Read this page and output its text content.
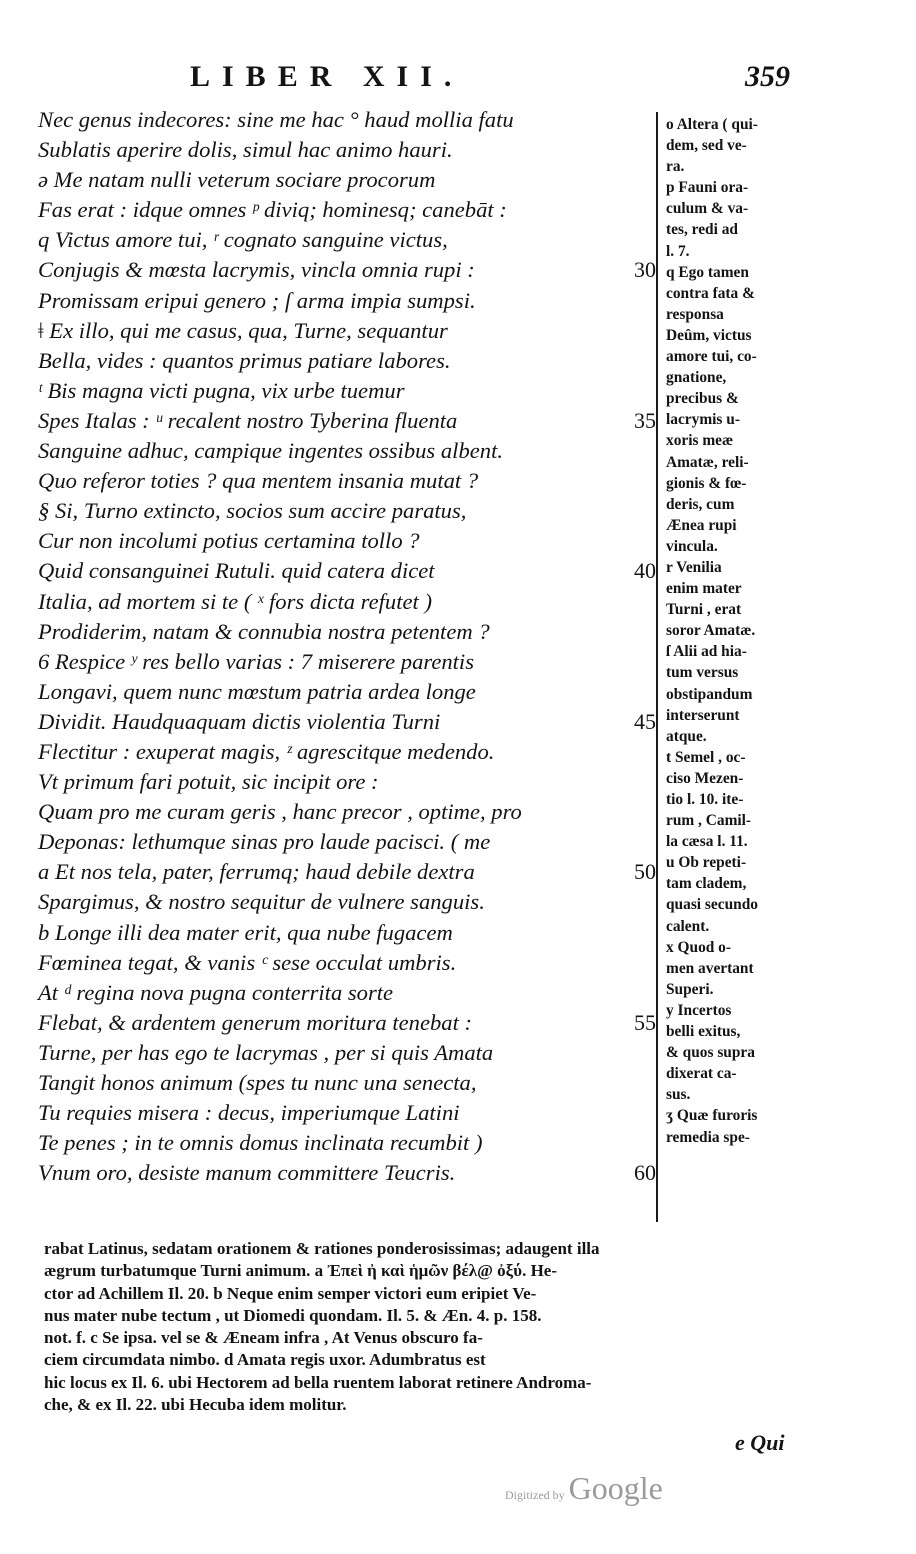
LIBER XII.	359
Nec genus indecores: sine me hac ° haud mollia fatu
Sublatis aperire dolis, simul hac animo hauri.
ǝ Me natam nulli veterum sociare procorum
Fas erat : idque omnes ᵖ diviq; hominesq; canebāt :
q Victus amore tui, ʳ cognato sanguine victus,
Conjugis & mœsta lacrymis, vincla omnia rupi :	30
Promissam eripui genero ; ſ arma impia sumpsi.
ǂ Ex illo, qui me casus, qua, Turne, sequantur
Bella, vides : quantos primus patiare labores.
ᵗ Bis magna victi pugna, vix urbe tuemur
Spes Italas : ᵘ recalent nostro Tyberina fluenta	35
Sanguine adhuc, campique ingentes ossibus albent.
Quo referor toties ? qua mentem insania mutat ?
§ Si, Turno extincto, socios sum accire paratus,
Cur non incolumi potius certamina tollo ?
Quid consanguinei Rutuli. quid catera dicet	40
Italia, ad mortem si te ( ˣ fors dicta refutet )
Prodiderim, natam & connubia nostra petentem ?
6 Respice ʸ res bello varias : 7 miserere parentis
Longavi, quem nunc mœstum patria ardea longe
Dividit. Haudquaquam dictis violentia Turni	45
Flectitur : exuperat magis, ᶻ agrescitque medendo.
Vt primum fari potuit, sic incipit ore :
Quam pro me curam geris , hanc precor , optime, pro
Deponas: lethumque sinas pro laude pacisci. ( me
a Et nos tela, pater, ferrumq; haud debile dextra	50
Spargimus, & nostro sequitur de vulnere sanguis.
b Longe illi dea mater erit, qua nube fugacem
Fœminea tegat, & vanis ᶜ sese occulat umbris.
At ᵈ regina nova pugna conterrita sorte
Flebat, & ardentem generum moritura tenebat :	55
Turne, per has ego te lacrymas , per si quis Amata
Tangit honos animum (spes tu nunc una senecta,
Tu requies misera : decus, imperiumque Latini
Te penes ; in te omnis domus inclinata recumbit )
Vnum oro, desiste manum committere Teucris.	60
o Altera ( qui-
dem, sed ve-
ra.
p Fauni ora-
culum & va-
tes, redi ad
l. 7.
q Ego tamen
contra fata &
responsa
Deûm, victus
amore tui, co-
gnatione,
precibus &
lacrymis u-
xoris meæ
Amatæ, reli-
gionis & fœ-
deris, cum
Ænea rupi
vincula.
r Venilia
enim mater
Turni , erat
soror Amatæ.
ſ Alii ad hia-
tum versus
obstipandum
interserunt
atque.
t Semel , oc-
ciso Mezen-
tio l. 10. ite-
rum , Camil-
la cæsa l. 11.
u Ob repeti-
tam cladem,
quasi secundo
calent.
x Quod o-
men avertant
Superi.
y Incertos
belli exitus,
& quos supra
dixerat ca-
sus.
ʒ Quæ furoris
remedia spe-
rabat Latinus, sedatam orationem & rationes ponderosissimas; adaugent illa
ægrum turbatumque Turni animum. a Ἐπεὶ ἠ καὶ ἡμῶν βέλ@ ὀξύ. He-
ctor ad Achillem Il. 20. b Neque enim semper victori eum eripiet Ve-
nus mater nube tectum , ut Diomedi quondam. Il. 5. & Æn. 4. p. 158.
not. f. c Se ipsa. vel se & Æneam infra , At Venus obscuro fa-
ciem circumdata nimbo. d Amata regis uxor. Adumbratus est
hic locus ex Il. 6. ubi Hectorem ad bella ruentem laborat retinere Androma-
che, & ex Il. 22. ubi Hecuba idem molitur.
e Qui
Digitized by Google
